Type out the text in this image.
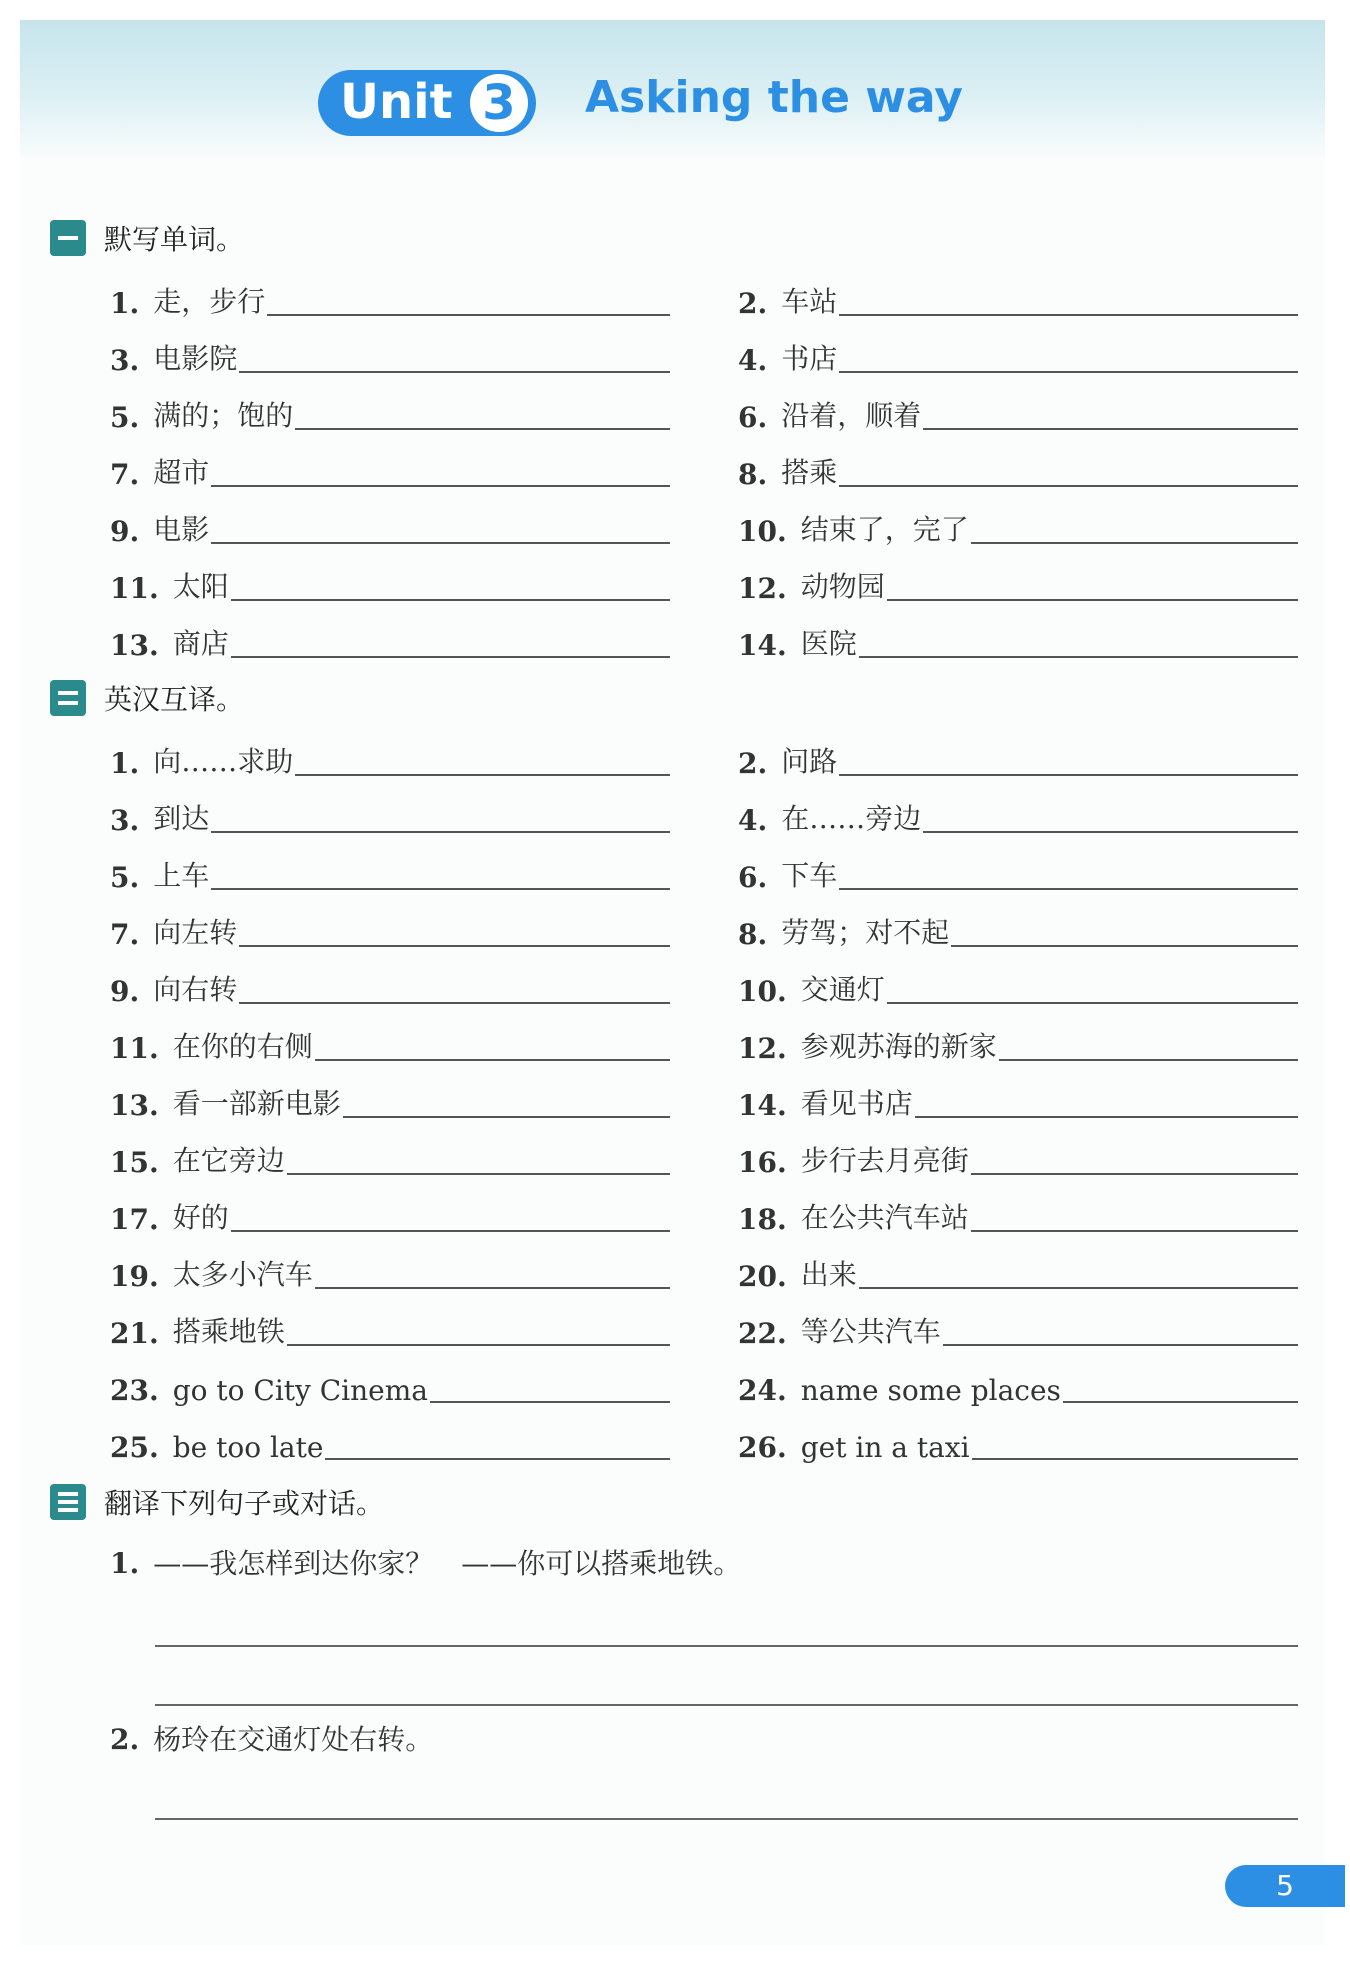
Unit 3 Asking the way
默写单词。
1. 走，步行	2. 车站
3. 电影院	4. 书店
5. 满的；饱的	6. 沿着，顺着
7. 超市	8. 搭乘
9. 电影	10. 结束了，完了
11. 太阳	12. 动物园
13. 商店	14. 医院
英汉互译。
1. 向……求助	2. 问路
3. 到达	4. 在……旁边
5. 上车	6. 下车
7. 向左转	8. 劳驾；对不起
9. 向右转	10. 交通灯
11. 在你的右侧	12. 参观苏海的新家
13. 看一部新电影	14. 看见书店
15. 在它旁边	16. 步行去月亮街
17. 好的	18. 在公共汽车站
19. 太多小汽车	20. 出来
21. 搭乘地铁	22. 等公共汽车
23. go to City Cinema	24. name some places
25. be too late	26. get in a taxi
翻译下列句子或对话。
1. ——我怎样到达你家？　——你可以搭乘地铁。
2. 杨玲在交通灯处右转。
5
